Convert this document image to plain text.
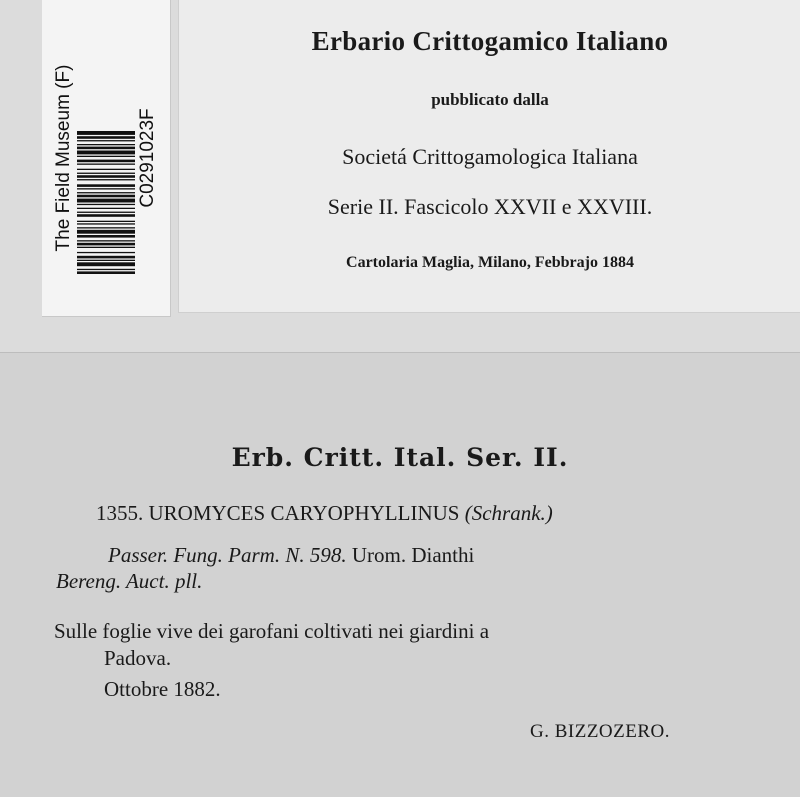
The Field Museum (F)	C0291023F
Erbario Crittogamico Italiano
pubblicato dalla
Societá Crittogamologica Italiana
Serie II. Fascicolo XXVII e XXVIII.
Cartolaria Maglia, Milano, Febbrajo 1884
Erb. Critt. Ital. Ser. II.
1355. UROMYCES CARYOPHYLLINUS (Schrank.)
Passer. Fung. Parm. N. 598. Urom. Dianthi
Bereng. Auct. pll.
Sulle foglie vive dei garofani coltivati nei giardini a
Padova.
Ottobre 1882.
G. BIZZOZERO.
